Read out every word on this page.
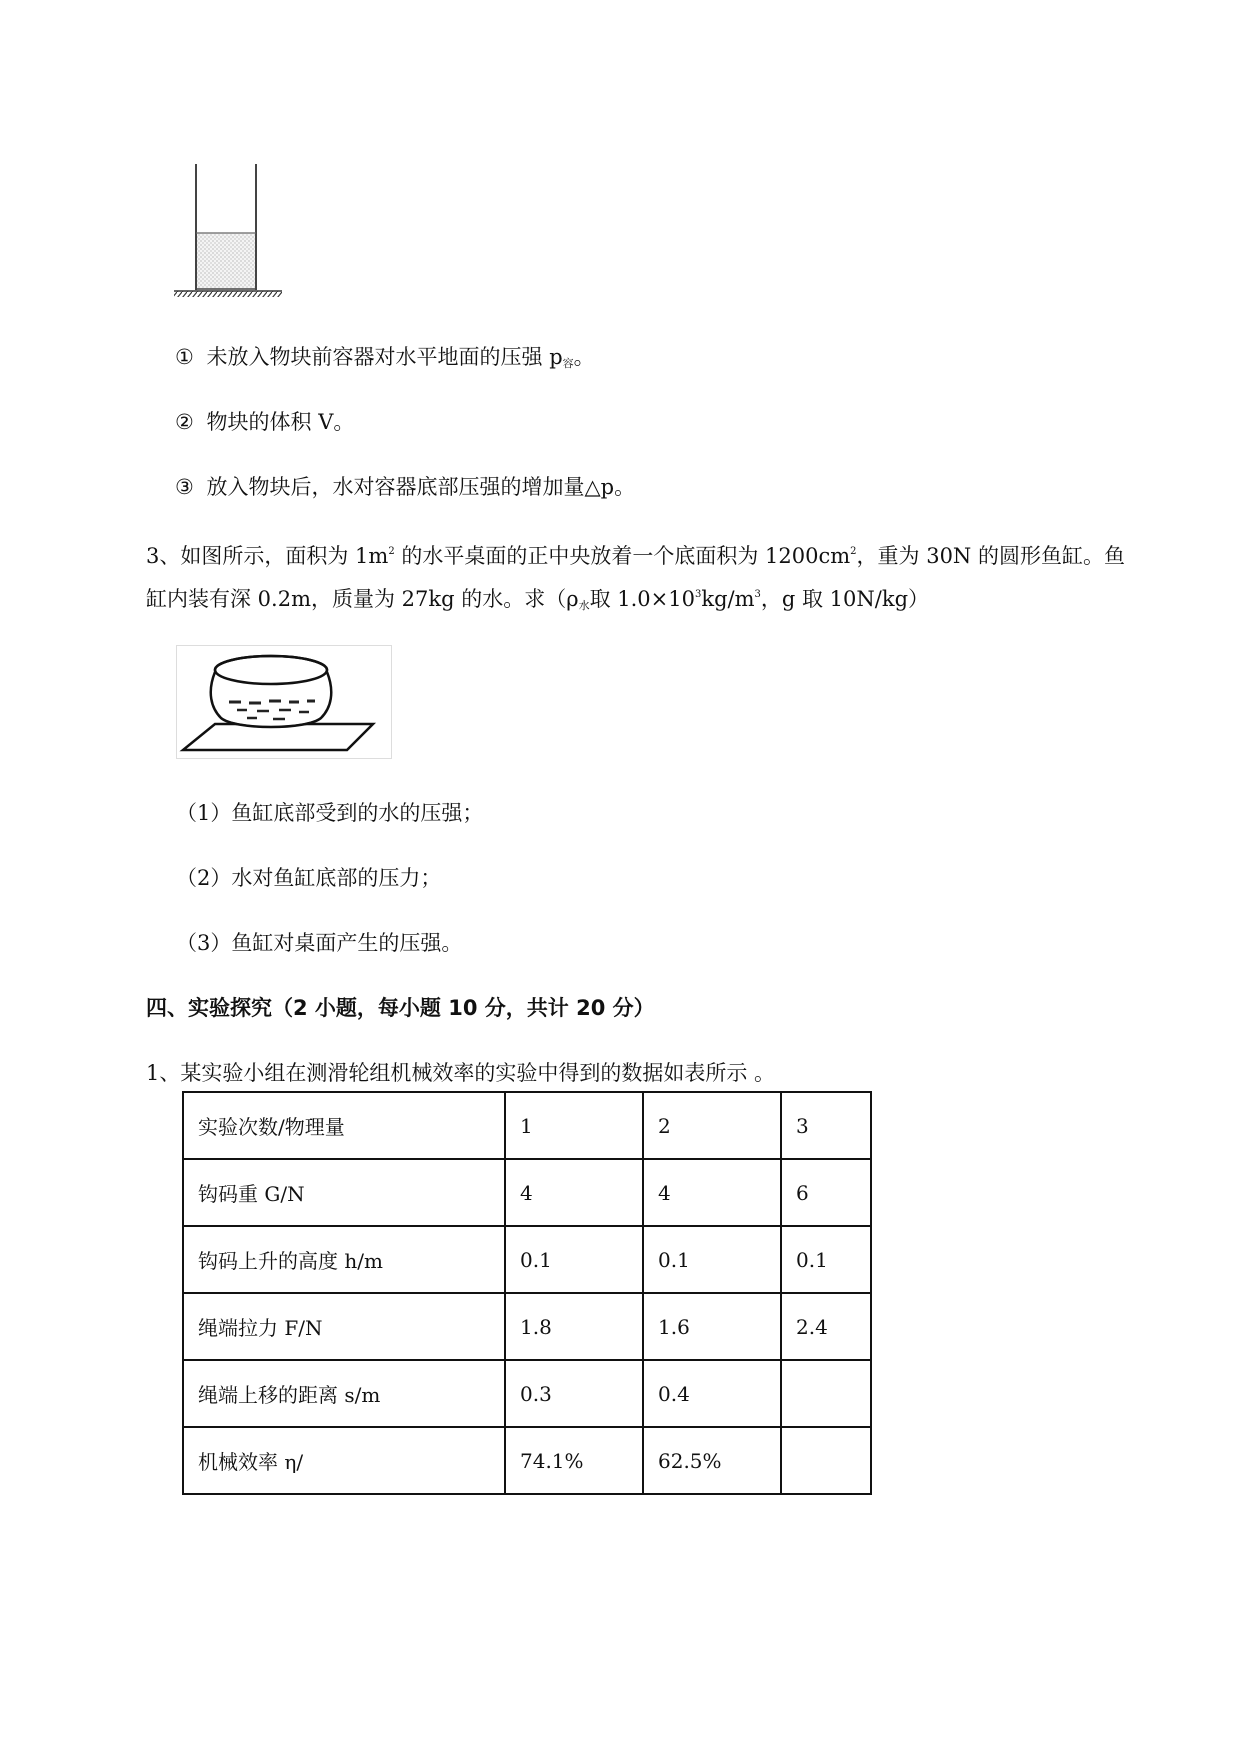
① 未放入物块前容器对水平地面的压强 $p_容$。
② 物块的体积 V。
③ 放入物块后，水对容器底部压强的增加量△p。
3、如图所示，面积为 $1m^2$ 的水平桌面的正中央放着一个底面积为 $1200cm^2$，重为 30N 的圆形鱼缸。鱼
缸内装有深 0.2m，质量为 27kg 的水。求（$\rho_水$取 $1.0\times 10^3kg/m^3$，g 取 10N/kg）
（1）鱼缸底部受到的水的压强；
（2）水对鱼缸底部的压力；
（3）鱼缸对桌面产生的压强。
四、实验探究（2 小题，每小题 10 分，共计 20 分）
1、某实验小组在测滑轮组机械效率的实验中得到的数据如表所示 。
实验次数/物理量	1	2	3
钩码重 G/N	4	4	6
钩码上升的高度 h/m	0.1	0.1	0.1
绳端拉力 F/N	1.8	1.6	2.4
绳端上移的距离 s/m	0.3	0.4	
机械效率 η/	74.1%	62.5%	
